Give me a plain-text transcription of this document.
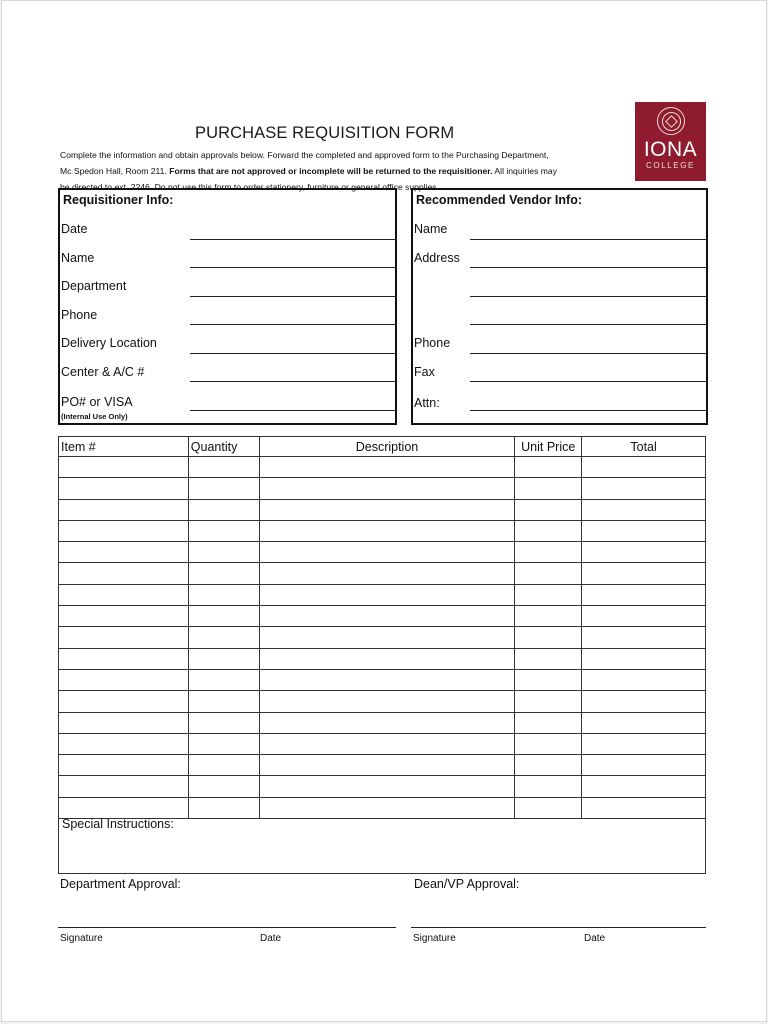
PURCHASE REQUISITION FORM
Complete the information and obtain approvals below. Forward the completed and approved form to the Purchasing Department,
Mc Spedon Hall, Room 211. Forms that are not approved or incomplete will be returned to the requisitioner. All inquiries may
be directed to ext. 2246. Do not use this form to order stationery, furniture or general office supplies.
IONA
COLLEGE
Requisitioner Info:
Date
Name
Department
Phone
Delivery Location
Center & A/C #
PO# or VISA
(Internal Use Only)
Recommended Vendor Info:
Name
Address
Phone
Fax
Attn:
Item #	Quantity	Description	Unit Price	Total

Special Instructions:
Department Approval:	Dean/VP Approval:
Signature	Date	Signature	Date
